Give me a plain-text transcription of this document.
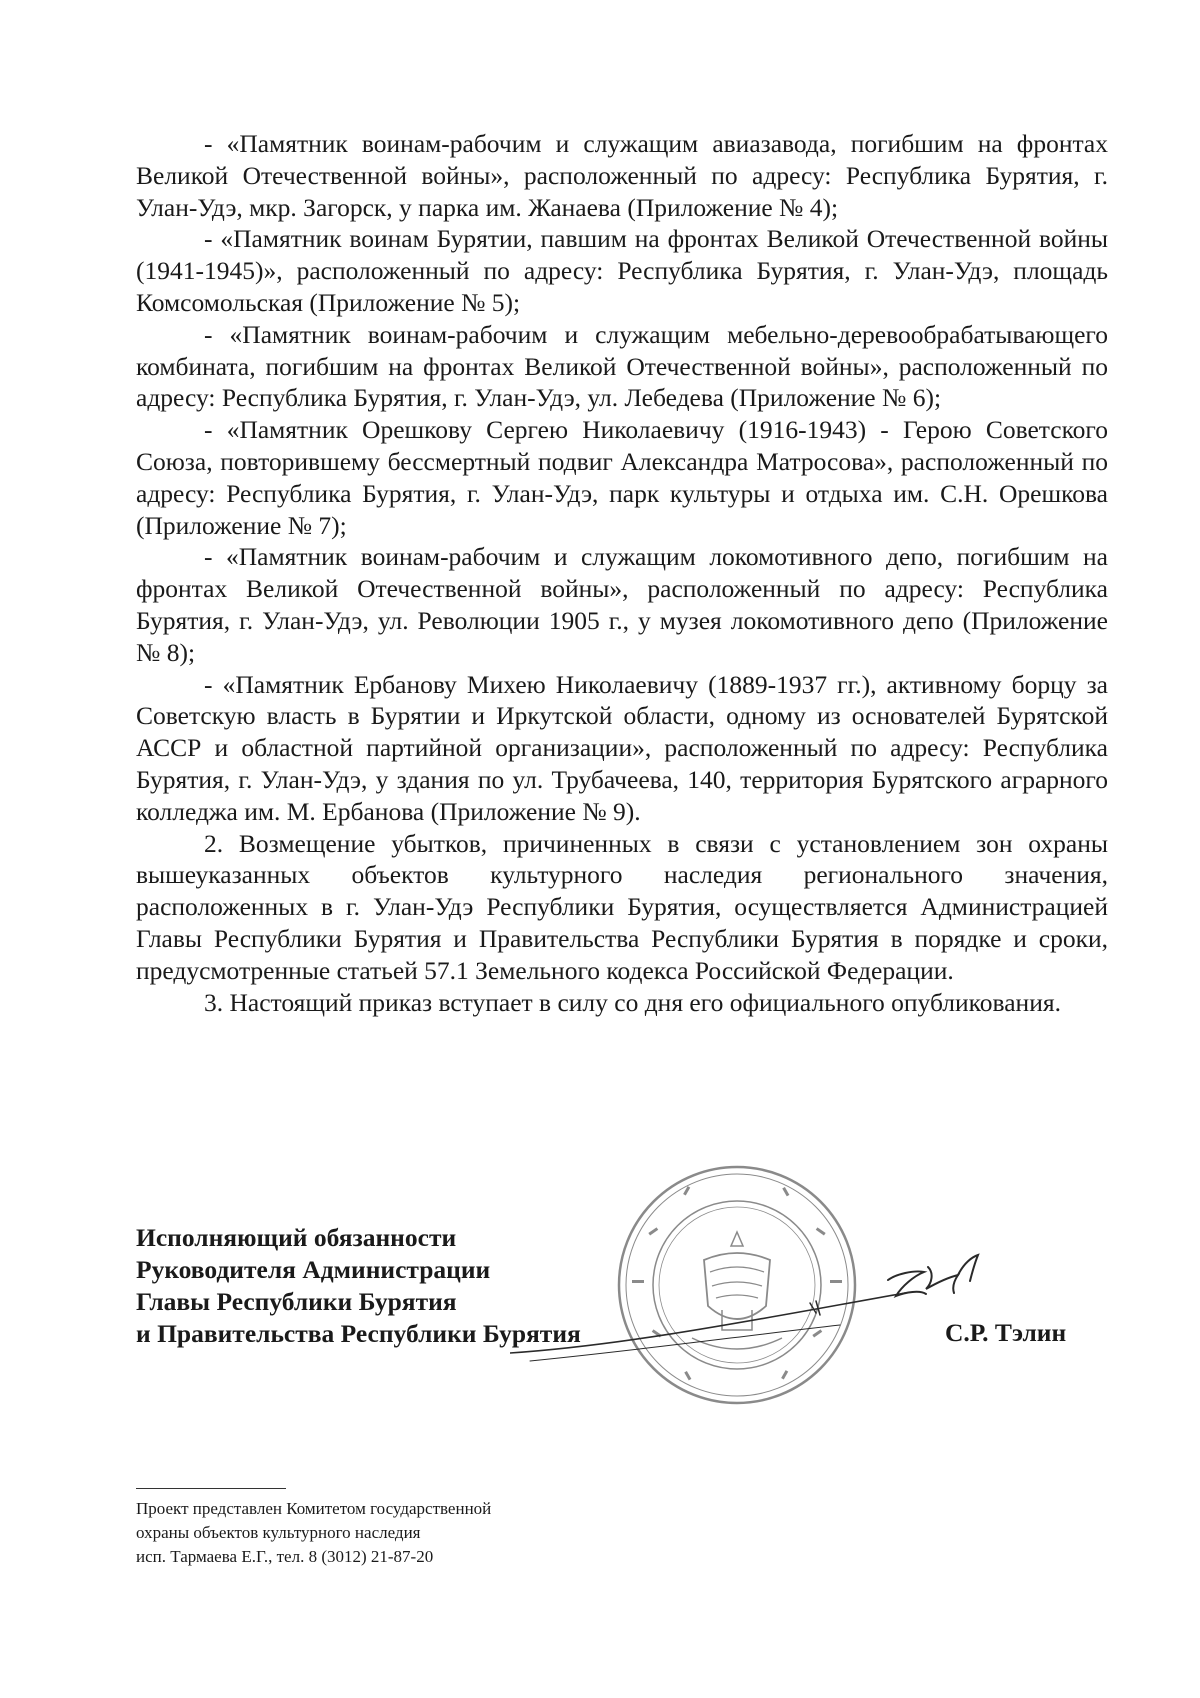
- «Памятник воинам-рабочим и служащим авиазавода, погибшим на фронтах Великой Отечественной войны», расположенный по адресу: Республика Бурятия, г. Улан-Удэ, мкр. Загорск, у парка им. Жанаева (Приложение № 4);

- «Памятник воинам Бурятии, павшим на фронтах Великой Отечественной войны (1941-1945)», расположенный по адресу: Республика Бурятия, г. Улан-Удэ, площадь Комсомольская (Приложение № 5);

- «Памятник воинам-рабочим и служащим мебельно-деревообрабатывающего комбината, погибшим на фронтах Великой Отечественной войны», расположенный по адресу: Республика Бурятия, г. Улан-Удэ, ул. Лебедева (Приложение № 6);

- «Памятник Орешкову Сергею Николаевичу (1916-1943) - Герою Советского Союза, повторившему бессмертный подвиг Александра Матросова», расположенный по адресу: Республика Бурятия, г. Улан-Удэ, парк культуры и отдыха им. С.Н. Орешкова (Приложение № 7);

- «Памятник воинам-рабочим и служащим локомотивного депо, погибшим на фронтах Великой Отечественной войны», расположенный по адресу: Республика Бурятия, г. Улан-Удэ, ул. Революции 1905 г., у музея локомотивного депо (Приложение № 8);

- «Памятник Ербанову Михею Николаевичу (1889-1937 гг.), активному борцу за Советскую власть в Бурятии и Иркутской области, одному из основателей Бурятской АССР и областной партийной организации», расположенный по адресу: Республика Бурятия, г. Улан-Удэ, у здания по ул. Трубачеева, 140, территория Бурятского аграрного колледжа им. М. Ербанова (Приложение № 9).

2. Возмещение убытков, причиненных в связи с установлением зон охраны вышеуказанных объектов культурного наследия регионального значения, расположенных в г. Улан-Удэ Республики Бурятия, осуществляется Администрацией Главы Республики Бурятия и Правительства Республики Бурятия в порядке и сроки, предусмотренные статьей 57.1 Земельного кодекса Российской Федерации.

3. Настоящий приказ вступает в силу со дня его официального опубликования.

Исполняющий обязанности
Руководителя Администрации
Главы Республики Бурятия
и Правительства Республики Бурятия	С.Р. Тэлин
Проект представлен Комитетом государственной
охраны объектов культурного наследия
исп. Тармаева Е.Г., тел. 8 (3012) 21-87-20
